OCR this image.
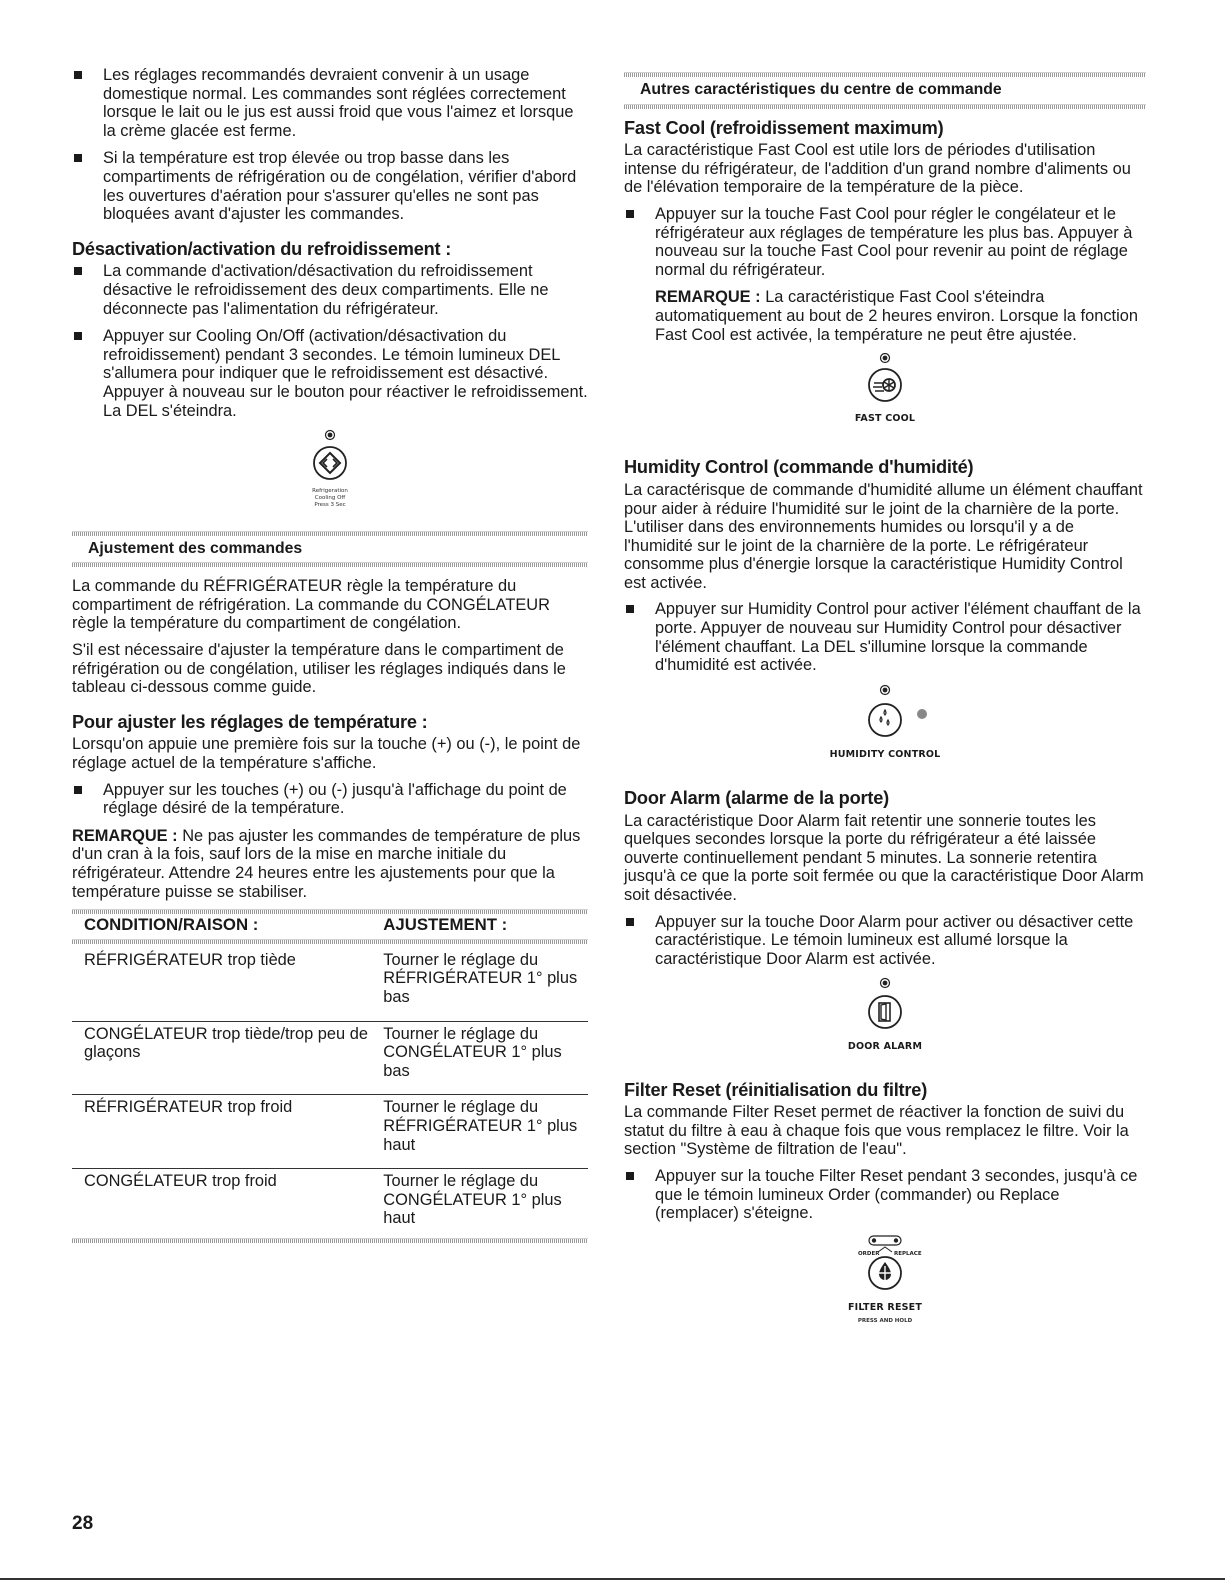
Les réglages recommandés devraient convenir à un usage domestique normal. Les commandes sont réglées correctement lorsque le lait ou le jus est aussi froid que vous l'aimez et lorsque la crème glacée est ferme.
Si la température est trop élevée ou trop basse dans les compartiments de réfrigération ou de congélation, vérifier d'abord les ouvertures d'aération pour s'assurer qu'elles ne sont pas bloquées avant d'ajuster les commandes.
Désactivation/activation du refroidissement :
La commande d'activation/désactivation du refroidissement désactive le refroidissement des deux compartiments. Elle ne déconnecte pas l'alimentation du réfrigérateur.
Appuyer sur Cooling On/Off (activation/désactivation du refroidissement) pendant 3 secondes. Le témoin lumineux DEL s'allumera pour indiquer que le refroidissement est désactivé. Appuyer à nouveau sur le bouton pour réactiver le refroidissement. La DEL s'éteindra.
Refrigeration
Cooling Off
Press 3 Sec
Ajustement des commandes
La commande du RÉFRIGÉRATEUR règle la température du compartiment de réfrigération. La commande du CONGÉLATEUR règle la température du compartiment de congélation.
S'il est nécessaire d'ajuster la température dans le compartiment de réfrigération ou de congélation, utiliser les réglages indiqués dans le tableau ci-dessous comme guide.
Pour ajuster les réglages de température :
Lorsqu'on appuie une première fois sur la touche (+) ou (-), le point de réglage actuel de la température s'affiche.
Appuyer sur les touches (+) ou (-) jusqu'à l'affichage du point de réglage désiré de la température.
REMARQUE : Ne pas ajuster les commandes de température de plus d'un cran à la fois, sauf lors de la mise en marche initiale du réfrigérateur. Attendre 24 heures entre les ajustements pour que la température puisse se stabiliser.
CONDITION/RAISON :	AJUSTEMENT :

RÉFRIGÉRATEUR trop tiède	Tourner le réglage du RÉFRIGÉRATEUR 1° plus bas
CONGÉLATEUR trop tiède/trop peu de glaçons	Tourner le réglage du CONGÉLATEUR 1° plus bas
RÉFRIGÉRATEUR trop froid	Tourner le réglage du RÉFRIGÉRATEUR 1° plus haut
CONGÉLATEUR trop froid	Tourner le réglage du CONGÉLATEUR 1° plus haut
Autres caractéristiques du centre de commande
Fast Cool (refroidissement maximum)
La caractéristique Fast Cool est utile lors de périodes d'utilisation intense du réfrigérateur, de l'addition d'un grand nombre d'aliments ou de l'élévation temporaire de la température de la pièce.
Appuyer sur la touche Fast Cool pour régler le congélateur et le réfrigérateur aux réglages de température les plus bas. Appuyer à nouveau sur la touche Fast Cool pour revenir au point de réglage normal du réfrigérateur.
REMARQUE : La caractéristique Fast Cool s'éteindra automatiquement au bout de 2 heures environ. Lorsque la fonction Fast Cool est activée, la température ne peut être ajustée.
FAST COOL
Humidity Control (commande d'humidité)
La caractérisque de commande d'humidité allume un élément chauffant pour aider à réduire l'humidité sur le joint de la charnière de la porte. L'utiliser dans des environnements humides ou lorsqu'il y a de l'humidité sur le joint de la charnière de la porte. Le réfrigérateur consomme plus d'énergie lorsque la caractéristique Humidity Control est activée.
Appuyer sur Humidity Control pour activer l'élément chauffant de la porte. Appuyer de nouveau sur Humidity Control pour désactiver l'élément chauffant. La DEL s'illumine lorsque la commande d'humidité est activée.
HUMIDITY CONTROL
Door Alarm (alarme de la porte)
La caractéristique Door Alarm fait retentir une sonnerie toutes les quelques secondes lorsque la porte du réfrigérateur a été laissée ouverte continuellement pendant 5 minutes. La sonnerie retentira jusqu'à ce que la porte soit fermée ou que la caractéristique Door Alarm soit désactivée.
Appuyer sur la touche Door Alarm pour activer ou désactiver cette caractéristique. Le témoin lumineux est allumé lorsque la caractéristique Door Alarm est activée.
DOOR ALARM
Filter Reset (réinitialisation du filtre)
La commande Filter Reset permet de réactiver la fonction de suivi du statut du filtre à eau à chaque fois que vous remplacez le filtre. Voir la section "Système de filtration de l'eau".
Appuyer sur la touche Filter Reset pendant 3 secondes, jusqu'à ce que le témoin lumineux Order (commander) ou Replace (remplacer) s'éteigne.
ORDER	REPLACE
FILTER RESET
PRESS AND HOLD
28
